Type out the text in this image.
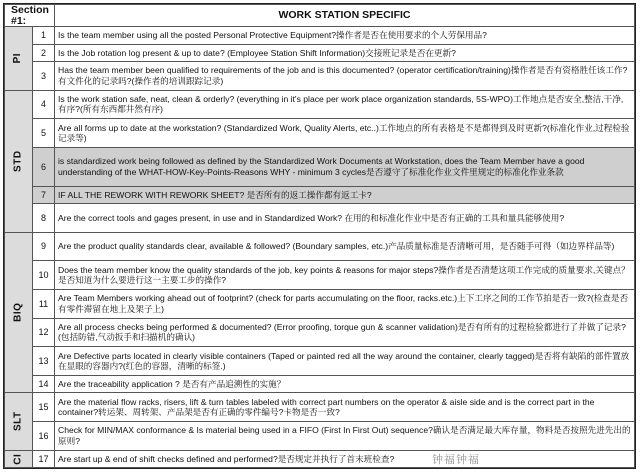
Section #1:		WORK STATION SPECIFIC
PI	1	Is the team member using all the posted Personal Protective Equipment?操作者是否在使用要求的个人劳保用品?
	2	Is the Job rotation log present & up to date? (Employee Station Shift Information)交接班记录是否在更新?
	3	Has the team member been qualified to requirements of the job and is this documented? (operator certification/training)操作者是否有资格胜任该工作?有文件化的记录吗?(操作者的培训跟踪记录)
STD	4	Is the work station safe, neat, clean & orderly? (everything in it's place per work place organization standards, 5S-WPO)工作地点是否安全,整洁,干净,有序?(所有东西都井然有序)
	5	Are all forms up to date at the workstation? (Standardized Work, Quality Alerts, etc..)工作地点的所有表格是不是都得到及时更新?(标准化作业,过程检验记录等)
	6	is standardized work being followed as defined by the Standardized Work Documents at Workstation, does the Team Member have a good understanding of the WHAT-HOW-Key-Points-Reasons WHY - minimum 3 cycles是否遵守了标准化作业文件里规定的标准化作业条款
	7	IF ALL THE REWORK WITH REWORK SHEET? 是否所有的返工操作都有返工卡?
	8	Are the correct tools and gages present, in use and in Standardized Work? 在用的和标准化作业中是否有正确的工具和量具能够使用?
BIQ	9	Are the product quality standards clear, available & followed? (Boundary samples, etc.)产品质量标准是否清晰可用，是否随手可得（如边界样品等)
	10	Does the team member know the quality standards of the job, key points & reasons for major steps?操作者是否清楚这项工作完成的质量要求,关键点？是否知道为什么要进行这一主要工步的操作?
	11	Are Team Members working ahead out of footprint? (check for parts accumulating on the floor, racks.etc.)上下工序之间的工作节拍是否一致?(检查是否有零件滞留在地上及架子上)
	12	Are all process checks being performed & documented? (Error proofing, torque gun & scanner validation)是否有所有的过程检验都进行了并做了记录?(包括防错,气动扳手和扫描机的确认)
	13	Are Defective parts located in clearly visible containers (Taped or painted red all the way around the container, clearly tagged)是否将有缺陷的部件置放在显眼的容器内?(红色的容器，清晰的标签.)
	14	Are the traceability application ? 是否有产品追溯性的实施？
SLT	15	Are the material flow racks, risers, lift & turn tables labeled with correct part numbers on the operator & aisle side and is the correct part in the container?转运架、周转架、产品架是否有正确的零件编号?卡物是否一致?
	16	Check for MIN/MAX conformance & Is material being used in a FIFO (First In First Out) sequence?确认是否满足最大库存量，物料是否按照先进先出的原则?
CI	17	Are start up & end of shift checks defined and performed?是否规定并执行了首末班检查?	钟福钟福
